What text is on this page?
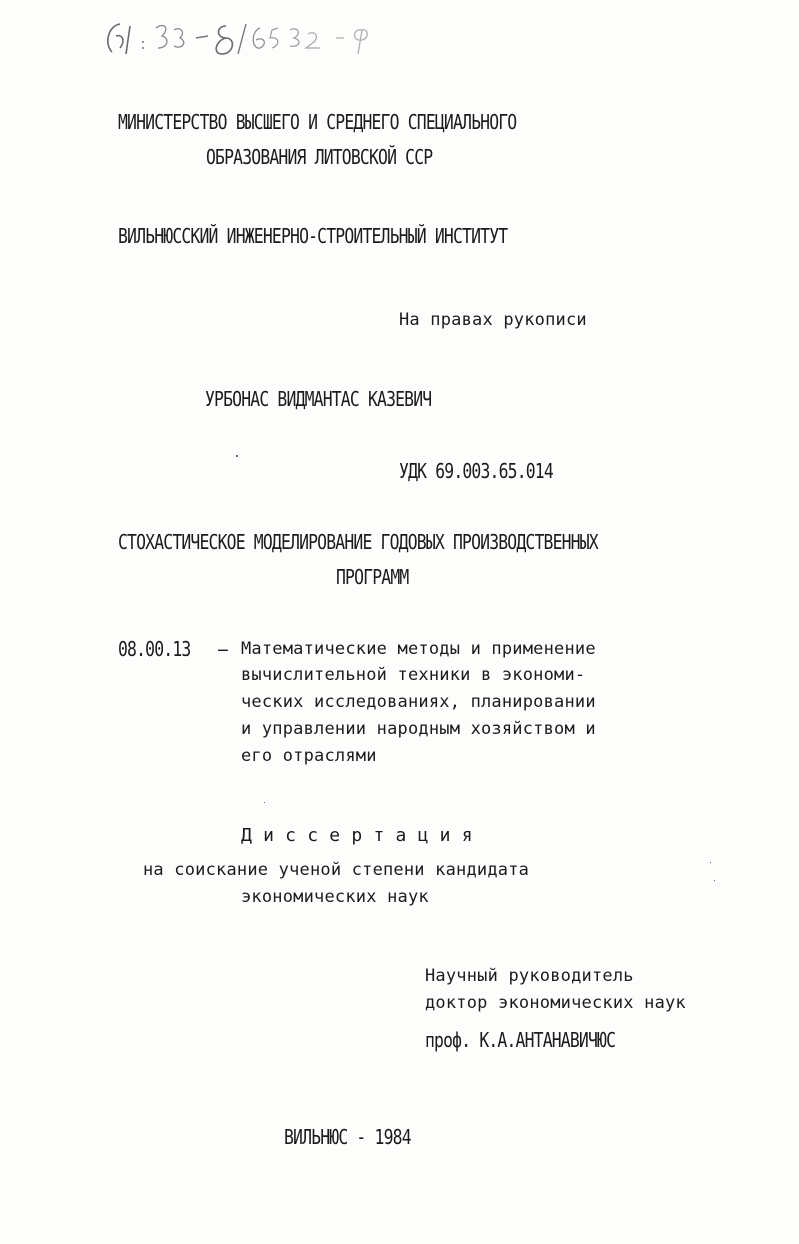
МИНИСТЕРСТВО ВЫСШЕГО И СРЕДНЕГО СПЕЦИАЛЬНОГО
ОБРАЗОВАНИЯ ЛИТОВСКОЙ ССР
ВИЛЬНЮССКИЙ ИНЖЕНЕРНО-СТРОИТЕЛЬНЫЙ ИНСТИТУТ
На правах рукописи
УРБОНАС ВИДМАНТАС КАЗЕВИЧ
УДК 69.003.65.014
СТОХАСТИЧЕСКОЕ МОДЕЛИРОВАНИЕ ГОДОВЫХ ПРОИЗВОДСТВЕННЫХ
ПРОГРАММ
08.00.13 – Математические методы и применение
вычислительной техники в экономи-
ческих исследованиях, планировании
и управлении народным хозяйством и
его отраслями
Д и с с е р т а ц и я
на соискание ученой степени кандидата
экономических наук
Научный руководитель
доктор экономических наук
проф. К.А.АНТАНАВИЧЮС
ВИЛЬНЮС - 1984
